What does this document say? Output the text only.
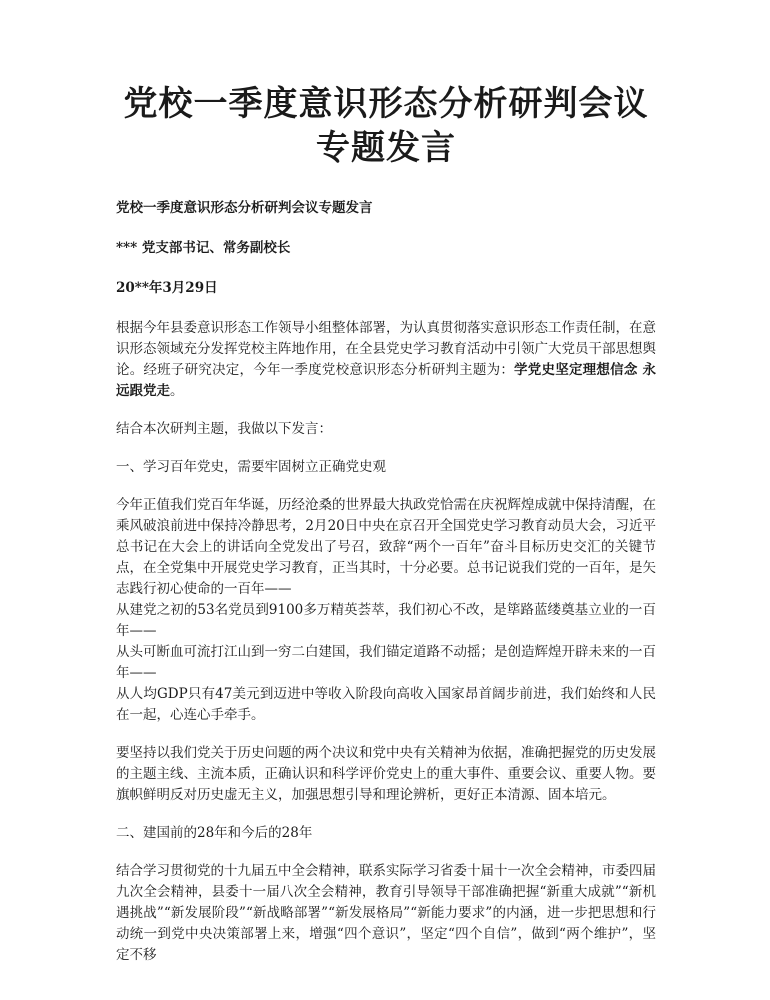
党校一季度意识形态分析研判会议专题发言

党校一季度意识形态分析研判会议专题发言

*** 党支部书记、常务副校长

20**年3月29日

根据今年县委意识形态工作领导小组整体部署，为认真贯彻落实意识形态工作责任制，在意识形态领域充分发挥党校主阵地作用，在全县党史学习教育活动中引领广大党员干部思想舆论。经班子研究决定，今年一季度党校意识形态分析研判主题为：学党史坚定理想信念 永远跟党走。

结合本次研判主题，我做以下发言：

一、学习百年党史，需要牢固树立正确党史观

今年正值我们党百年华诞，历经沧桑的世界最大执政党恰需在庆祝辉煌成就中保持清醒，在乘风破浪前进中保持冷静思考，2月20日中央在京召开全国党史学习教育动员大会，习近平总书记在大会上的讲话向全党发出了号召，致辞“两个一百年”奋斗目标历史交汇的关键节点，在全党集中开展党史学习教育，正当其时，十分必要。总书记说我们党的一百年，是矢志践行初心使命的一百年——
从建党之初的53名党员到9100多万精英荟萃，我们初心不改，是筚路蓝缕奠基立业的一百年——
从头可断血可流打江山到一穷二白建国，我们锚定道路不动摇；是创造辉煌开辟未来的一百年——
从人均GDP只有47美元到迈进中等收入阶段向高收入国家昂首阔步前进，我们始终和人民在一起，心连心手牵手。

要坚持以我们党关于历史问题的两个决议和党中央有关精神为依据，准确把握党的历史发展的主题主线、主流本质，正确认识和科学评价党史上的重大事件、重要会议、重要人物。要旗帜鲜明反对历史虚无主义，加强思想引导和理论辨析，更好正本清源、固本培元。

二、建国前的28年和今后的28年

结合学习贯彻党的十九届五中全会精神，联系实际学习省委十届十一次全会精神，市委四届九次全会精神，县委十一届八次全会精神，教育引导领导干部准确把握“新重大成就”“新机遇挑战”“新发展阶段”“新战略部署”“新发展格局”“新能力要求”的内涵，进一步把思想和行动统一到党中央决策部署上来，增强“四个意识”，坚定“四个自信”，做到“两个维护”，坚定不移
